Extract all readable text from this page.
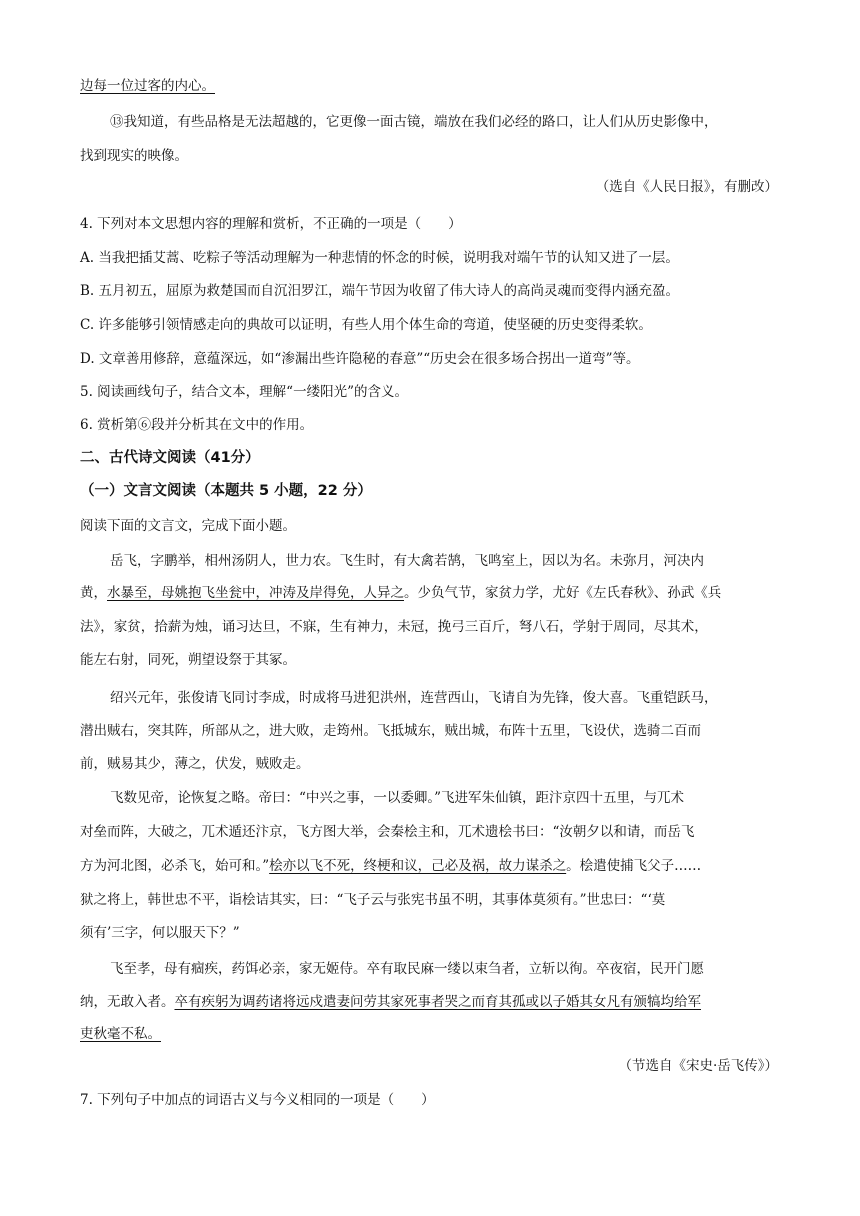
边每一位过客的内心。
⑬我知道，有些品格是无法超越的，它更像一面古镜，端放在我们必经的路口，让人们从历史影像中，
找到现实的映像。
（选自《人民日报》，有删改）
4. 下列对本文思想内容的理解和赏析，不正确的一项是（　　）
A. 当我把插艾蒿、吃粽子等活动理解为一种悲情的怀念的时候，说明我对端午节的认知又进了一层。
B. 五月初五，屈原为救楚国而自沉汨罗江，端午节因为收留了伟大诗人的高尚灵魂而变得内涵充盈。
C. 许多能够引领情感走向的典故可以证明，有些人用个体生命的弯道，使坚硬的历史变得柔软。
D. 文章善用修辞，意蕴深远，如“渗漏出些许隐秘的春意”“历史会在很多场合拐出一道弯”等。
5. 阅读画线句子，结合文本，理解“一缕阳光”的含义。
6. 赏析第⑥段并分析其在文中的作用。
二、古代诗文阅读（41分）
（一）文言文阅读（本题共 5 小题，22 分）
阅读下面的文言文，完成下面小题。
岳飞，字鹏举，相州汤阴人，世力农。飞生时，有大禽若鹄，飞鸣室上，因以为名。未弥月，河决内
黄，水暴至，母姚抱飞坐瓮中，冲涛及岸得免，人异之。少负气节，家贫力学，尤好《左氏春秋》、孙武《兵
法》，家贫，拾薪为烛，诵习达旦，不寐，生有神力，未冠，挽弓三百斤，弩八石，学射于周同，尽其术，
能左右射，同死，朔望设祭于其冢。
绍兴元年，张俊请飞同讨李成，时成将马进犯洪州，连营西山，飞请自为先锋，俊大喜。飞重铠跃马，
潜出贼右，突其阵，所部从之，进大败，走筠州。飞抵城东，贼出城，布阵十五里，飞设伏，选骑二百而
前，贼易其少，薄之，伏发，贼败走。
飞数见帝，论恢复之略。帝曰：“中兴之事，一以委卿。”飞进军朱仙镇，距汴京四十五里，与兀术
对垒而阵，大破之，兀术遁还汴京，飞方图大举，会秦桧主和，兀术遗桧书曰：“汝朝夕以和请，而岳飞
方为河北图，必杀飞，始可和。”桧亦以飞不死，终梗和议，己必及祸，故力谋杀之。桧遣使捕飞父子……
狱之将上，韩世忠不平，诣桧诘其实，曰：“飞子云与张宪书虽不明，其事体莫须有。”世忠曰：“‘莫
须有’三字，何以服天下？”
飞至孝，母有痼疾，药饵必亲，家无姬侍。卒有取民麻一缕以束刍者，立斩以徇。卒夜宿，民开门愿
纳，无敢入者。卒有疾躬为调药诸将远戍遣妻问劳其家死事者哭之而育其孤或以子婚其女凡有颁犒均给军
吏秋毫不私。
（节选自《宋史·岳飞传》）
7. 下列句子中加点的词语古义与今义相同的一项是（　　）
